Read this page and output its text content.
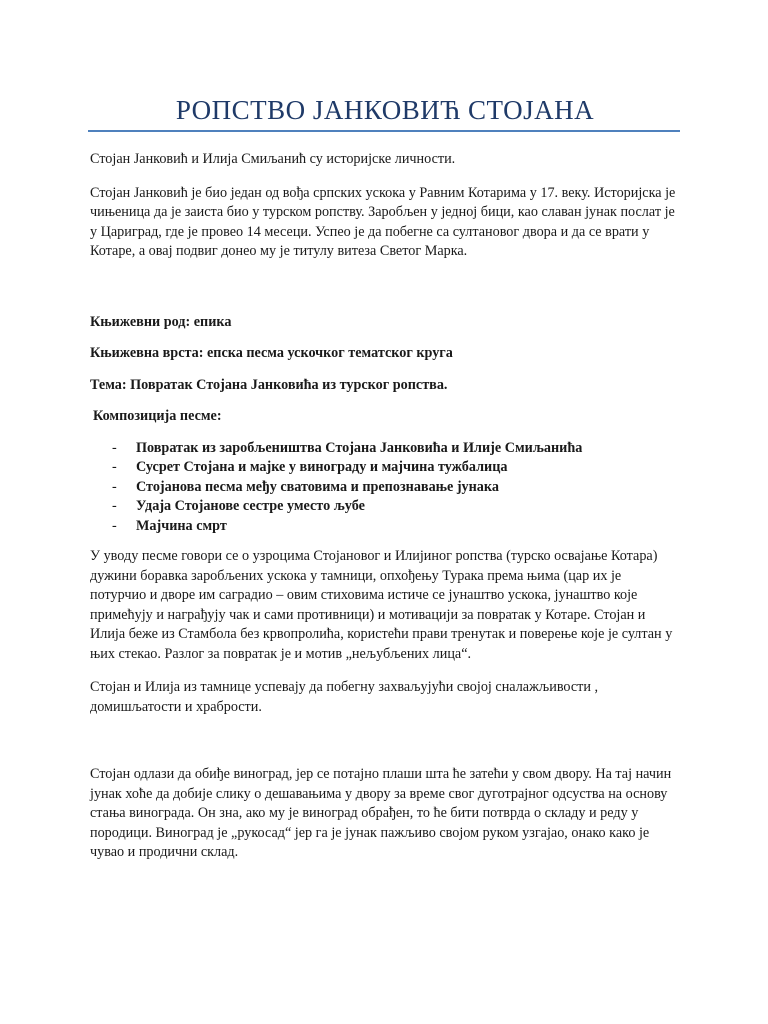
РОПСТВО ЈАНКОВИЋ СТОЈАНА

Стојан Јанковић и Илија Смиљанић су историјске личности.

Стојан Јанковић је био један од вођа српских ускока у Равним Котарима у 17. веку. Историјска је чињеница да је заиста био у турском ропству. Заробљен у једној бици, као славан јунак послат је у Цариград, где је провео 14 месеци. Успео је да побегне са султановог двора и да се врати у Котаре, а овај подвиг донео му је титулу витеза Светог Марка.

Књижевни род: епика

Књижевна врста: епска песма ускочког тематског круга

Тема: Повратак Стојана Јанковића из турског ропства.

Композиција песме:

- Повратак из заробљеништва Стојана Јанковића и Илије Смиљанића
- Сусрет Стојана и мајке у винограду и мајчина тужбалица
- Стојанова песма међу сватовима и препознавање јунака
- Удаја Стојанове сестре уместо љубе
- Мајчина смрт

У уводу песме говори се о узроцима Стојановог и Илијиног ропства (турско освајање Котара) дужини боравка заробљених ускока у тамници, опхођењу Турака према њима (цар их је потурчио и дворе им саградио – овим стиховима истиче се јунаштво ускока, јунаштво које примећују и награђују чак и сами противници) и мотивацији за повратак у Котаре. Стојан и Илија беже из Стамбола без крвопролића, користећи прави тренутак и поверење које је султан у њих стекао. Разлог за повратак је и мотив „нељубљених лица“.

Стојан и Илија из тамнице успевају да побегну захваљујући својој сналажљивости , домишљатости и храбрости.

Стојан одлази да обиђе виноград, јер се потајно плаши шта ће затећи у свом двору. На тај начин јунак хоће да добије слику о дешавањима у двору за време свог дуготрајног одсуства на основу стања винограда. Он зна, ако му је виноград обрађен, то ће бити потврда о складу и реду у породици. Виноград је „рукосад“ јер га је јунак пажљиво својом руком узгајао, онако како је чувао и продични склад.
